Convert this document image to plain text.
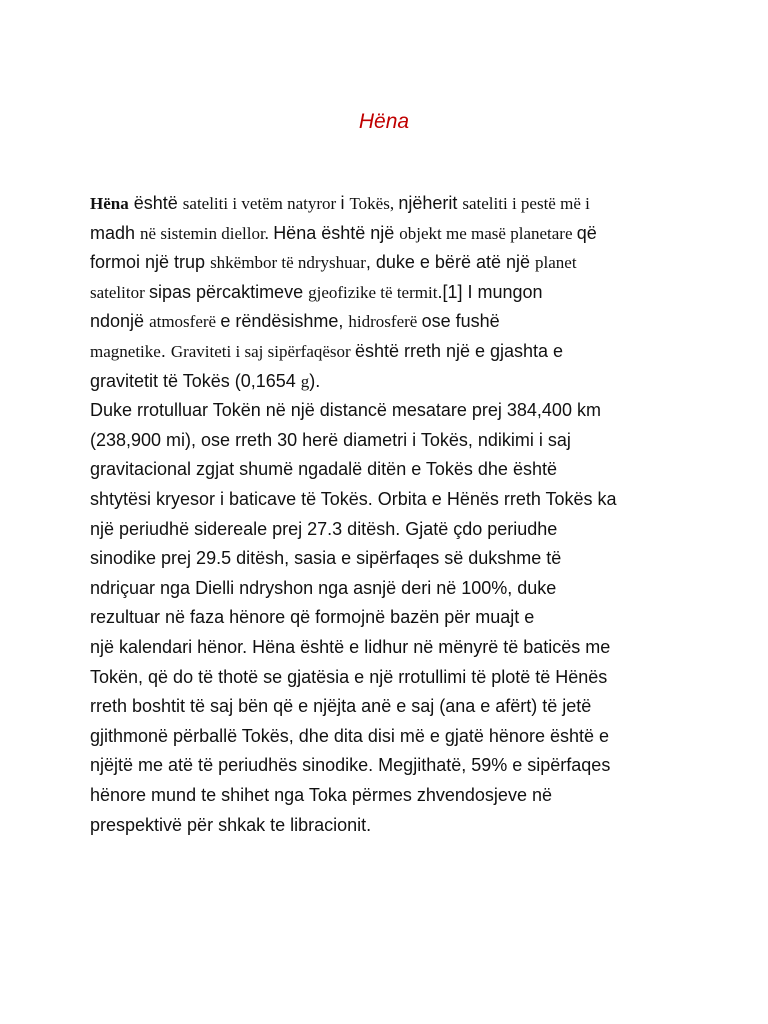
Hëna
Hëna është sateliti i vetëm natyror i Tokës, njëherit sateliti i pestë më i
madh në sistemin diellor. Hëna është një objekt me masë planetare që
formoi një trup shkëmbor të ndryshuar, duke e bërë atë një planet
satelitor sipas përcaktimeve gjeofizike të termit.[1] I mungon
ndonjë atmosferë e rëndësishme, hidrosferë ose fushë
magnetike. Graviteti i saj sipërfaqësor është rreth një e gjashta e
gravitetit të Tokës (0,1654 g).
Duke rrotulluar Tokën në një distancë mesatare prej 384,400 km
(238,900 mi), ose rreth 30 herë diametri i Tokës, ndikimi i saj
gravitacional zgjat shumë ngadalë ditën e Tokës dhe është
shtytësi kryesor i baticave të Tokës. Orbita e Hënës rreth Tokës ka
një periudhë sidereale prej 27.3 ditësh. Gjatë çdo periudhe
sinodike prej 29.5 ditësh, sasia e sipërfaqes së dukshme të
ndriçuar nga Dielli ndryshon nga asnjë deri në 100%, duke
rezultuar në faza hënore që formojnë bazën për muajt e
një kalendari hënor. Hëna është e lidhur në mënyrë të baticës me
Tokën, që do të thotë se gjatësia e një rrotullimi të plotë të Hënës
rreth boshtit të saj bën që e njëjta anë e saj (ana e afërt) të jetë
gjithmonë përballë Tokës, dhe dita disi më e gjatë hënore është e
njëjtë me atë të periudhës sinodike. Megjithatë, 59% e sipërfaqes
hënore mund te shihet nga Toka përmes zhvendosjeve në
prespektivë për shkak te libracionit.
